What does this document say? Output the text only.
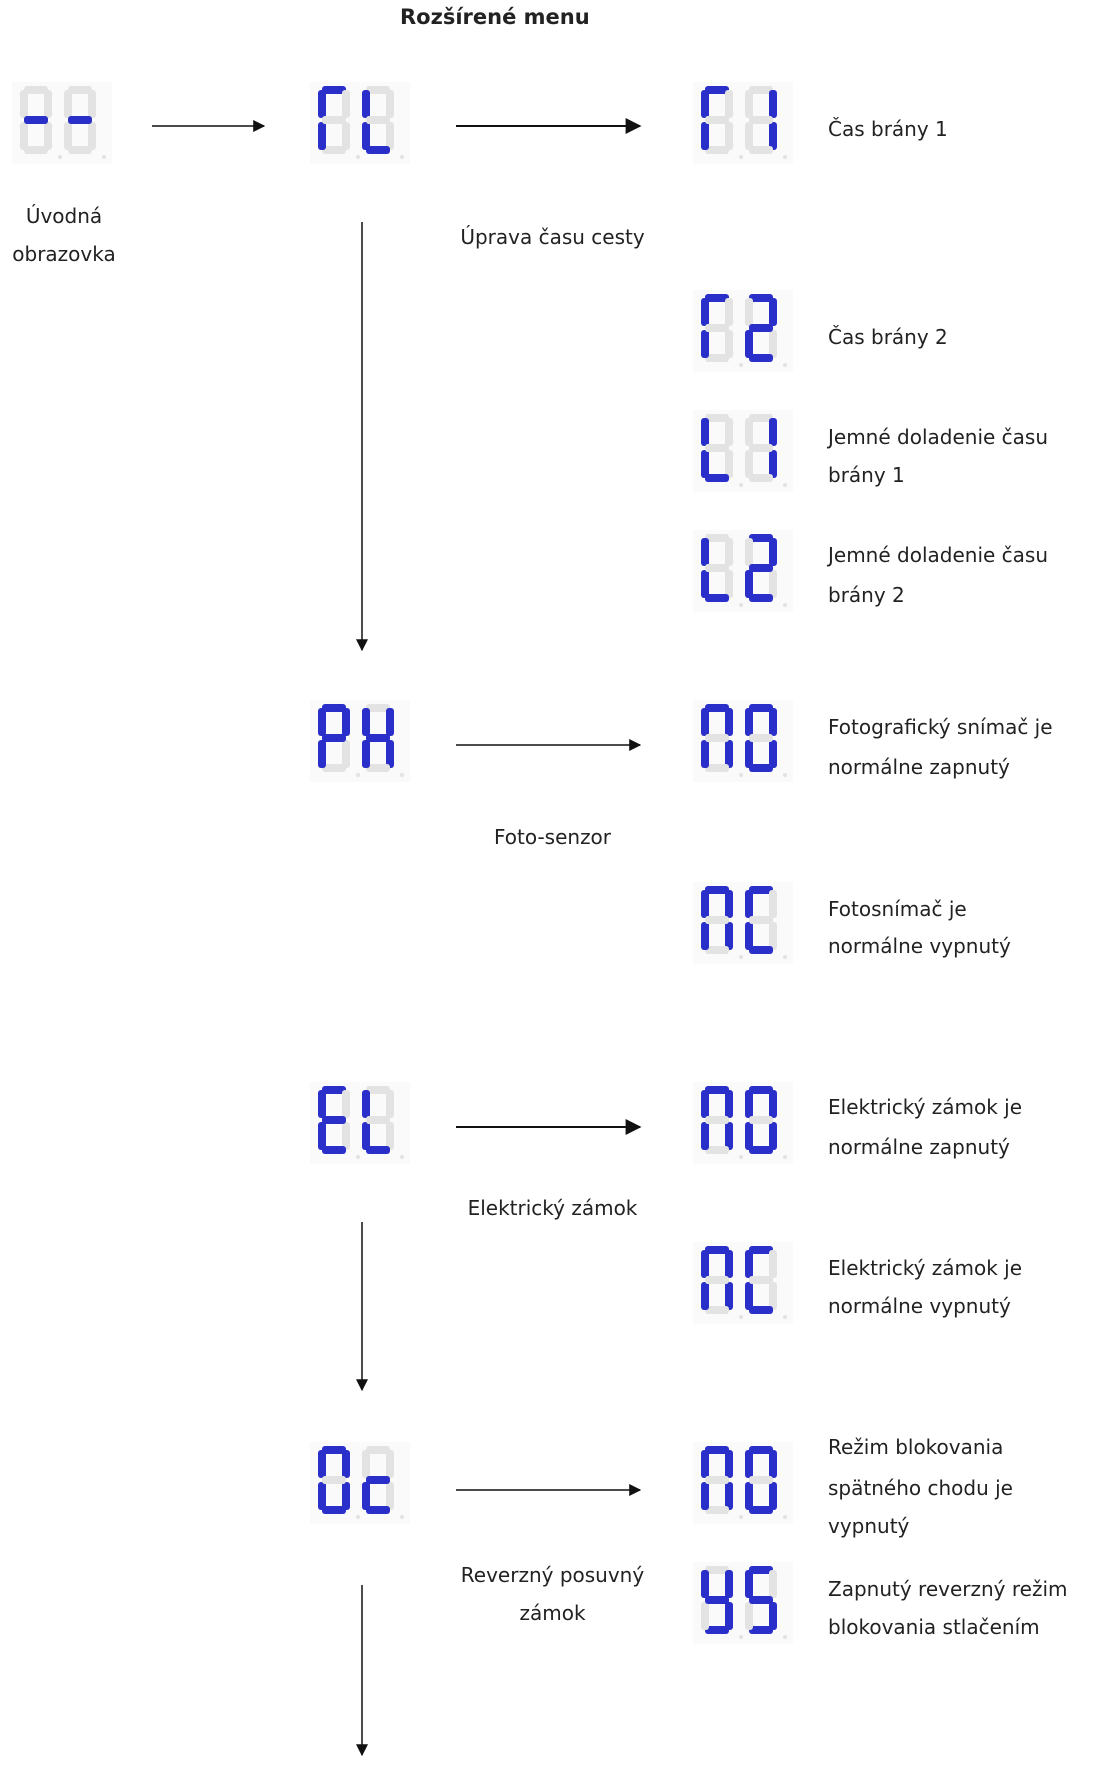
Rozšírené menu
Úvodná
obrazovka
Úprava času cesty
Foto-senzor
Elektrický zámok
Reverzný posuvný
zámok
Čas brány 1
Čas brány 2
Jemné doladenie času
brány 1
Jemné doladenie času
brány 2
Fotografický snímač je
normálne zapnutý
Fotosnímač je
normálne vypnutý
Elektrický zámok je
normálne zapnutý
Elektrický zámok je
normálne vypnutý
Režim blokovania
spätného chodu je
vypnutý
Zapnutý reverzný režim
blokovania stlačením
